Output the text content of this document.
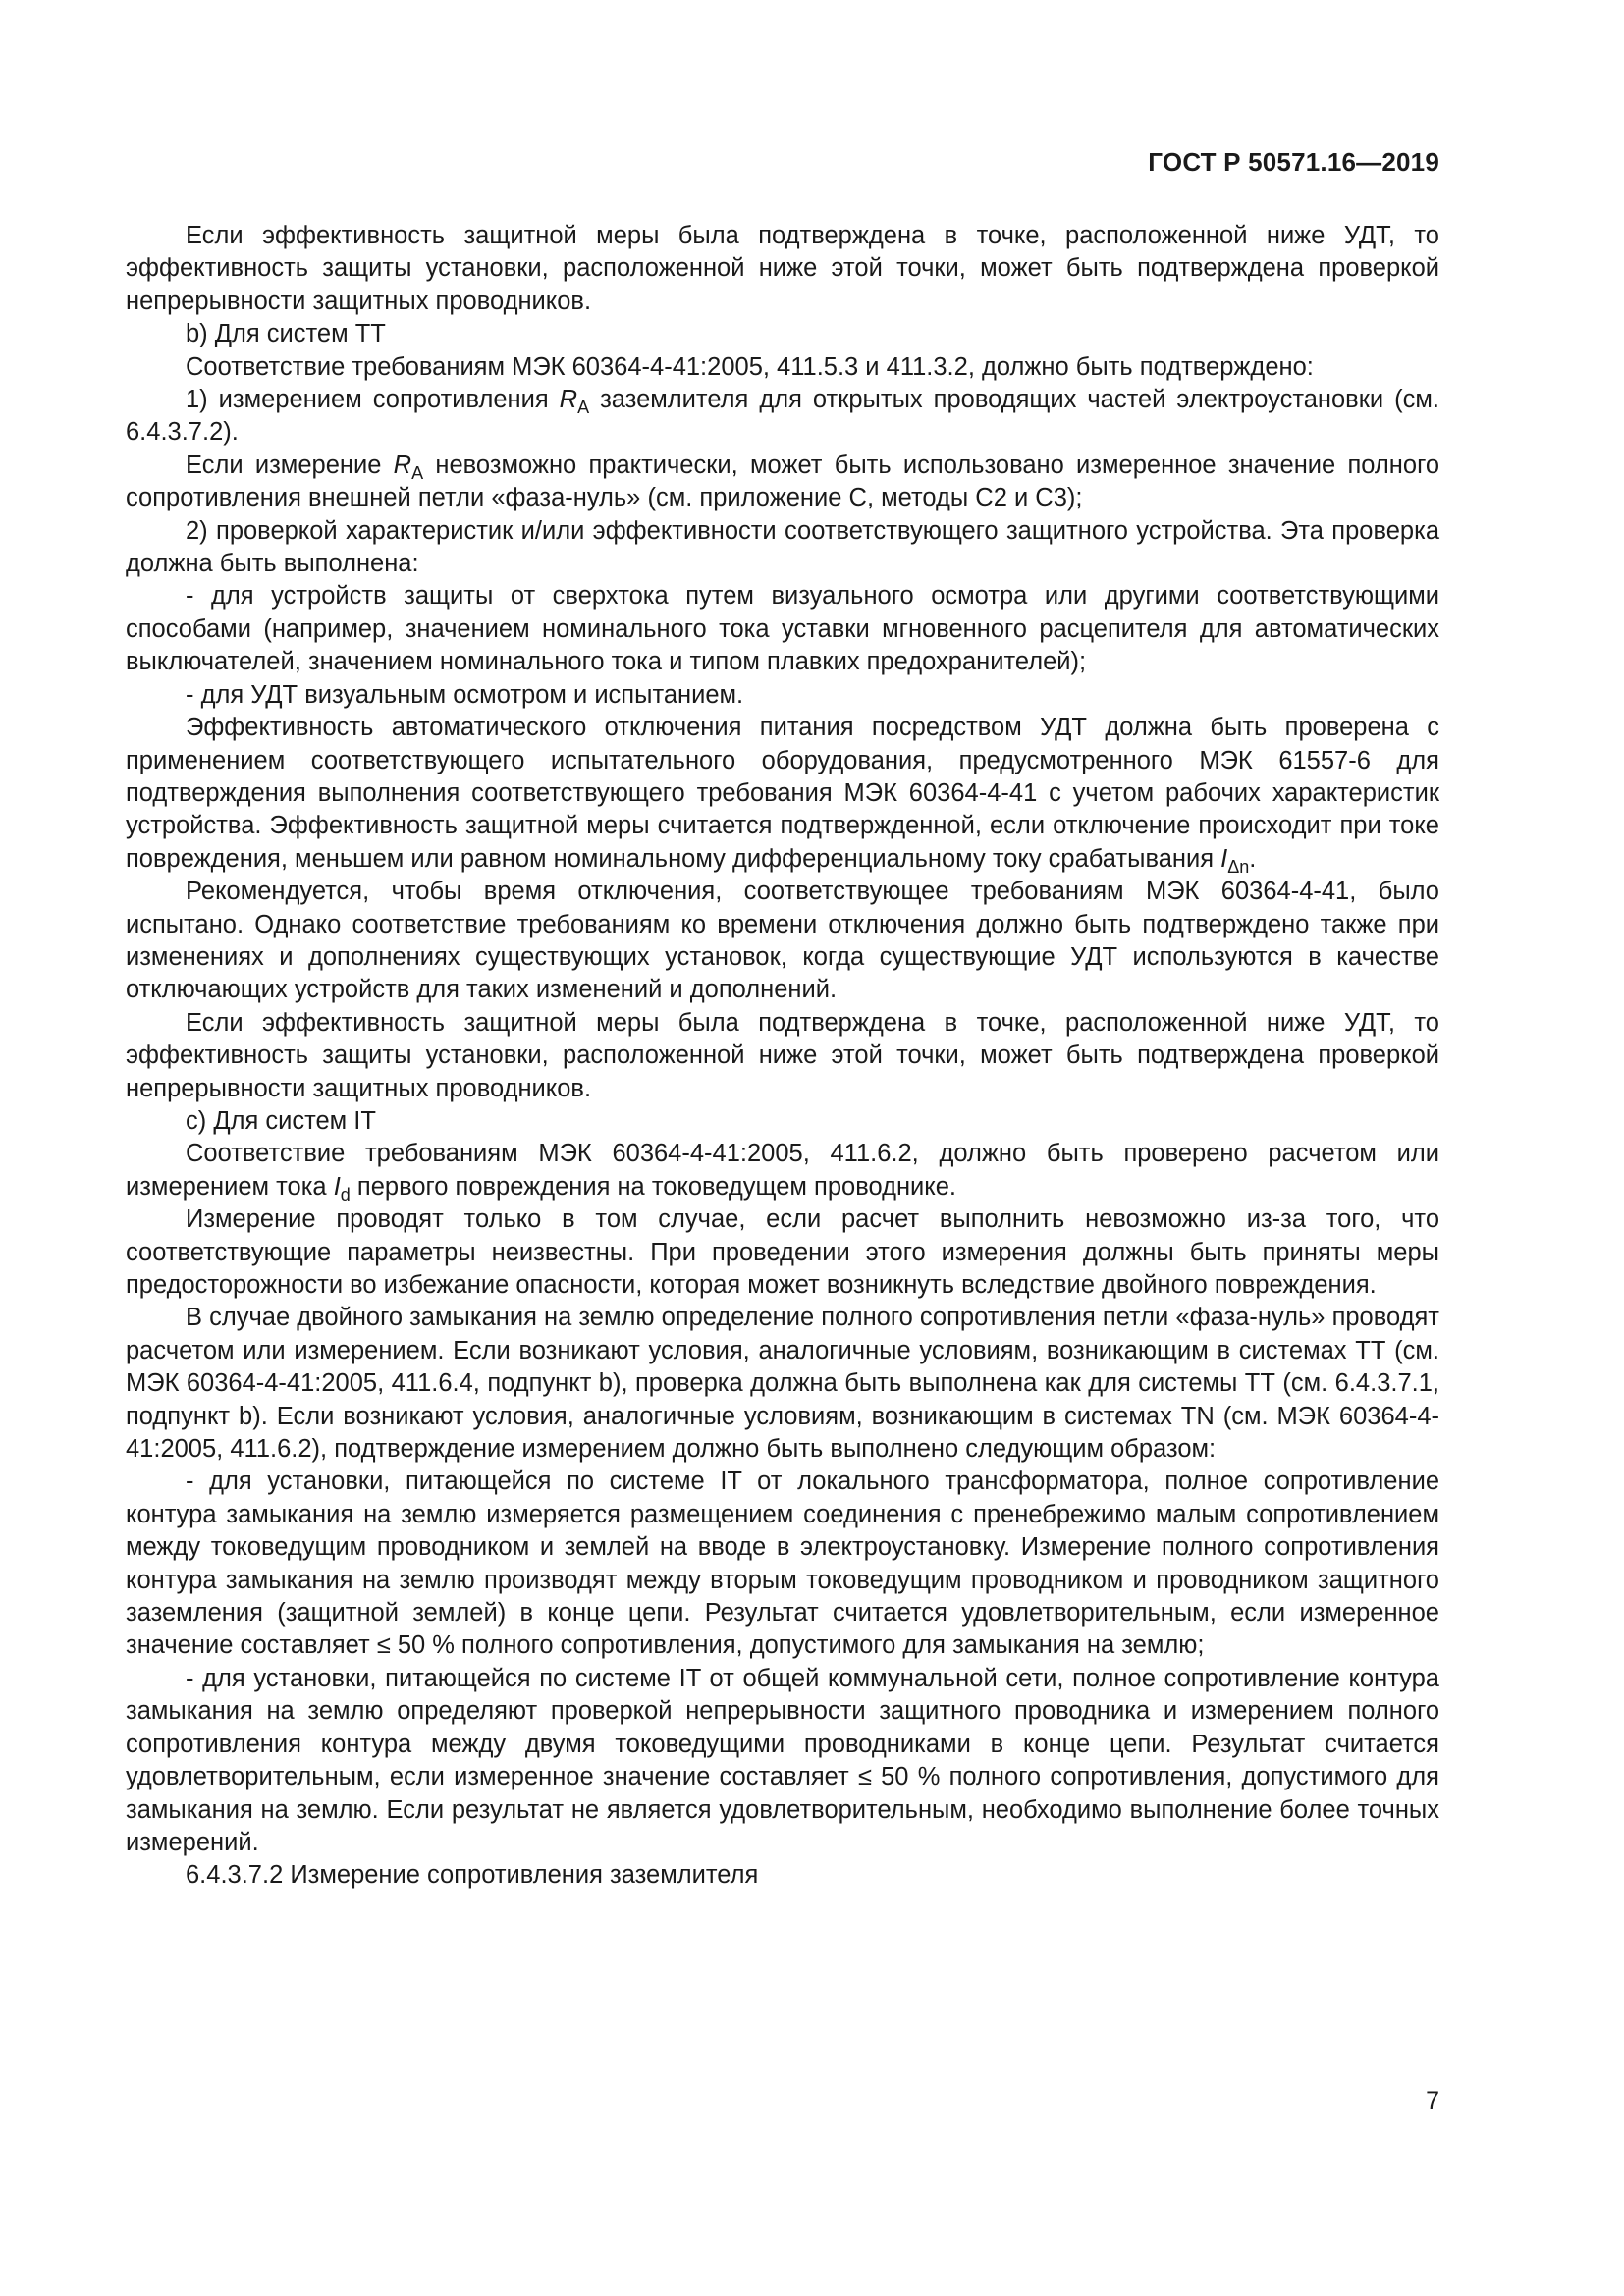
ГОСТ Р 50571.16—2019

Если эффективность защитной меры была подтверждена в точке, расположенной ниже УДТ, то эффективность защиты установки, расположенной ниже этой точки, может быть подтверждена проверкой непрерывности защитных проводников.

b) Для систем ТТ

Соответствие требованиям МЭК 60364-4-41:2005, 411.5.3 и 411.3.2, должно быть подтверждено:

1) измерением сопротивления $R_A$ заземлителя для открытых проводящих частей электроустановки (см. 6.4.3.7.2).

Если измерение $R_A$ невозможно практически, может быть использовано измеренное значение полного сопротивления внешней петли «фаза-нуль» (см. приложение С, методы С2 и С3);

2) проверкой характеристик и/или эффективности соответствующего защитного устройства. Эта проверка должна быть выполнена:

- для устройств защиты от сверхтока путем визуального осмотра или другими соответствующими способами (например, значением номинального тока уставки мгновенного расцепителя для автоматических выключателей, значением номинального тока и типом плавких предохранителей);

- для УДТ визуальным осмотром и испытанием.

Эффективность автоматического отключения питания посредством УДТ должна быть проверена с применением соответствующего испытательного оборудования, предусмотренного МЭК 61557-6 для подтверждения выполнения соответствующего требования МЭК 60364-4-41 с учетом рабочих характеристик устройства. Эффективность защитной меры считается подтвержденной, если отключение происходит при токе повреждения, меньшем или равном номинальному дифференциальному току срабатывания $I_{\Delta n}$.

Рекомендуется, чтобы время отключения, соответствующее требованиям МЭК 60364-4-41, было испытано. Однако соответствие требованиям ко времени отключения должно быть подтверждено также при изменениях и дополнениях существующих установок, когда существующие УДТ используются в качестве отключающих устройств для таких изменений и дополнений.

Если эффективность защитной меры была подтверждена в точке, расположенной ниже УДТ, то эффективность защиты установки, расположенной ниже этой точки, может быть подтверждена проверкой непрерывности защитных проводников.

с) Для систем IT

Соответствие требованиям МЭК 60364-4-41:2005, 411.6.2, должно быть проверено расчетом или измерением тока $I_d$ первого повреждения на токоведущем проводнике.

Измерение проводят только в том случае, если расчет выполнить невозможно из-за того, что соответствующие параметры неизвестны. При проведении этого измерения должны быть приняты меры предосторожности во избежание опасности, которая может возникнуть вследствие двойного повреждения.

В случае двойного замыкания на землю определение полного сопротивления петли «фаза-нуль» проводят расчетом или измерением. Если возникают условия, аналогичные условиям, возникающим в системах ТТ (см. МЭК 60364-4-41:2005, 411.6.4, подпункт b), проверка должна быть выполнена как для системы ТТ (см. 6.4.3.7.1, подпункт b). Если возникают условия, аналогичные условиям, возникающим в системах TN (см. МЭК 60364-4-41:2005, 411.6.2), подтверждение измерением должно быть выполнено следующим образом:

- для установки, питающейся по системе IT от локального трансформатора, полное сопротивление контура замыкания на землю измеряется размещением соединения с пренебрежимо малым сопротивлением между токоведущим проводником и землей на вводе в электроустановку. Измерение полного сопротивления контура замыкания на землю производят между вторым токоведущим проводником и проводником защитного заземления (защитной землей) в конце цепи. Результат считается удовлетворительным, если измеренное значение составляет ≤ 50 % полного сопротивления, допустимого для замыкания на землю;

- для установки, питающейся по системе IT от общей коммунальной сети, полное сопротивление контура замыкания на землю определяют проверкой непрерывности защитного проводника и измерением полного сопротивления контура между двумя токоведущими проводниками в конце цепи. Результат считается удовлетворительным, если измеренное значение составляет ≤ 50 % полного сопротивления, допустимого для замыкания на землю. Если результат не является удовлетворительным, необходимо выполнение более точных измерений.

6.4.3.7.2 Измерение сопротивления заземлителя

7
